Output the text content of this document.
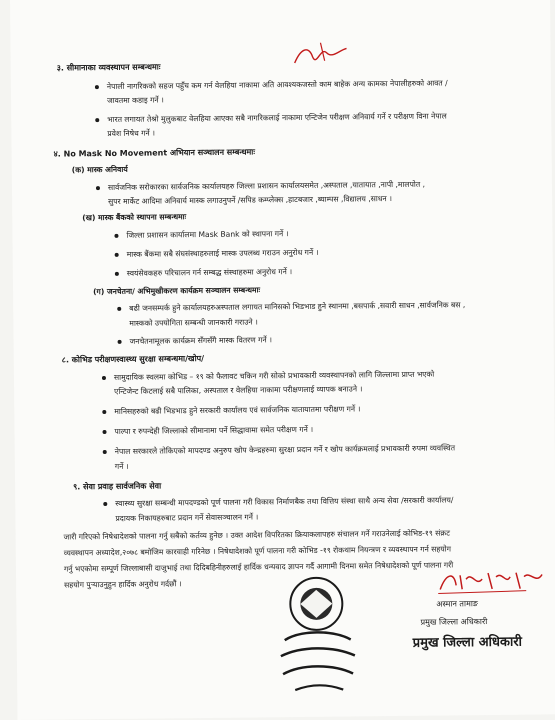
३. सीमानाका व्यवस्थापन सम्बन्धमाः
नेपाली नागरिकको सहज पहुँच कम गर्न वेलहिया नाकामा अति आवश्यकजस्तो काम बाहेक अन्य कामका नेपालीहरुको आवत /
जावतमा कडाइ गर्ने ।
भारत लगायत तेश्रो मुलुकबाट वेलहिया आएका सबै नागरिकलाई नाकामा एन्टिजेन परीक्षण अनिवार्य गर्ने र परीक्षण विना नेपाल
प्रवेश निषेध गर्ने ।
४. No Mask No Movement अभियान सञ्चालन सम्बन्धमाः
(क) मास्क अनिवार्य
सार्वजनिक सरोकारका सार्वजनिक कार्यालयहरु जिल्ला प्रशासन कार्यालयसमेत ,अस्पताल ,यातायात ,नापी ,मालपोत ,
सुपर मार्केट आदिमा अनिवार्य मास्क लगाउनुपर्ने /सपिड कम्प्लेक्स ,हाटबजार ,ब्याम्पस ,विद्यालय ,साधन ।
(ख) मास्क बैंकको स्थापना सम्बन्धमाः
जिल्ला प्रशासन कार्यालमा Mask Bank को स्थापना गर्ने ।
मास्क बैंकमा सबै संघसंस्थाहरुलाई मास्क उपलब्ध गराउन अनुरोध गर्ने ।
स्वयंसेवकहरु परिचालन गर्न सम्बद्ध संस्थाहरुमा अनुरोध गर्ने ।
(ग) जनचेतना/ अभिमुखीकरण कार्यक्रम सञ्चालन सम्बन्धमाः
बढी जनसम्पर्क हुने कार्यालयहरुअस्पताल लगायत मानिसको भिडभाड हुने स्थानमा ,बसपार्क ,सवारी साधन ,सार्वजनिक बस ,
मास्कको उपयोगिता सम्बन्धी जानकारी गराउने ।
जनचेतनामूलक कार्यक्रम सँगसँगै मास्क वितरण गर्ने ।
८. कोभिड परीक्षणस्वास्थ्य सुरक्षा सम्बन्धमा/खोप/
सामुदायिक स्थलमा कोभिड – १९ को फैलावट चकिन गरी सोको प्रभावकारी व्यवस्थापनको लागि जिल्लामा प्राप्त भएको
एन्टिजेन्ट किटलाई सबै पालिका, अस्पताल र वेलहिया नाकामा परीक्षणलाई व्यापक बनाउने ।
मानिसहरुको बढी भिडभाड हुने सरकारी कार्यालय एवं सार्वजनिक यातायातमा परीक्षण गर्ने ।
पाल्पा र रुपन्देही जिल्लाको सीमानामा पर्ने सिद्धावामा समेत परीक्षण गर्ने ।
नेपाल सरकारले तोकिएको मापदण्ड अनुरुप खोप केन्द्रहरुमा सुरक्षा प्रदान गर्ने र खोप कार्यक्रमलाई प्रभावकारी रुपमा व्यवस्थित
गर्ने ।
९. सेवा प्रवाह सार्वजनिक सेवा
स्वास्थ्य सुरक्षा सम्बन्धी मापदण्डको पूर्ण पालना गरी विकास निर्माणबैक तथा वित्तिय संस्था साथै अन्य सेवा /सरकारी कार्यालय/
प्रदायक निकायहरुबाट प्रदान गर्ने सेवासञ्चालन गर्ने ।
जारी गरिएको निषेधादेशको पालना गर्नु सबैको कर्तव्य हुनेछ । उक्त आदेश विपरितका क्रियाकलापहरु संचालन गर्ने गराउनेलाई कोभिड-१९ संक्रट
व्यवस्थापन अध्यादेश,२०७८ बमोजिम कारवाही गरिनेछ । निषेधादेशको पूर्ण पालना गरी कोभिड -१९ रोकथाम नियन्त्रण र व्यवस्थापन गर्न सहयोग
गर्नु भएकोमा सम्पूर्ण जिल्लाबासी दाजुभाई तथा दिदिबहिनीहरुलाई हार्दिक धन्यवाद ज्ञापन गर्दै आगामी दिनमा समेत निषेधादेशको पूर्ण पालना गरी
सहयोग पुऱ्याउनुहुन हार्दिक अनुरोध गर्दछौं ।
अस्मान तामाङ
प्रमुख जिल्ला अधिकारी
प्रमुख जिल्ला अधिकारी
